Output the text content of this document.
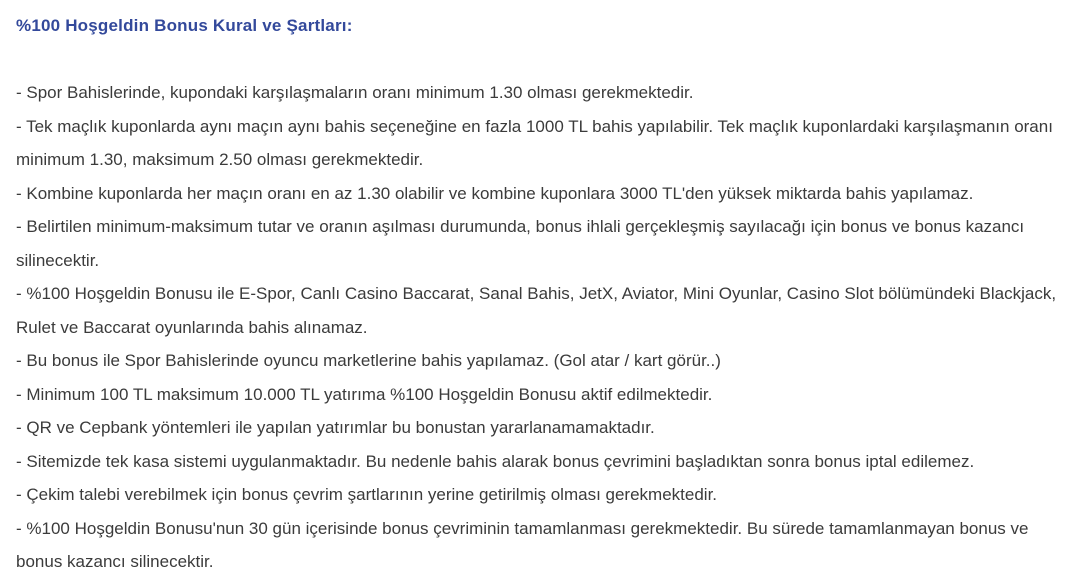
%100 Hoşgeldin Bonus Kural ve Şartları:

- Spor Bahislerinde, kupondaki karşılaşmaların oranı minimum 1.30 olması gerekmektedir.

- Tek maçlık kuponlarda aynı maçın aynı bahis seçeneğine en fazla 1000 TL bahis yapılabilir. Tek maçlık kuponlardaki karşılaşmanın oranı minimum 1.30, maksimum 2.50 olması gerekmektedir.

- Kombine kuponlarda her maçın oranı en az 1.30 olabilir ve kombine kuponlara 3000 TL'den yüksek miktarda bahis yapılamaz.

- Belirtilen minimum-maksimum tutar ve oranın aşılması durumunda, bonus ihlali gerçekleşmiş sayılacağı için bonus ve bonus kazancı silinecektir.

- %100 Hoşgeldin Bonusu ile E-Spor, Canlı Casino Baccarat, Sanal Bahis, JetX, Aviator, Mini Oyunlar, Casino Slot bölümündeki Blackjack, Rulet ve Baccarat oyunlarında bahis alınamaz.

- Bu bonus ile Spor Bahislerinde oyuncu marketlerine bahis yapılamaz. (Gol atar / kart görür..)

- Minimum 100 TL maksimum 10.000 TL yatırıma %100 Hoşgeldin Bonusu aktif edilmektedir.

- QR ve Cepbank yöntemleri ile yapılan yatırımlar bu bonustan yararlanamamaktadır.

- Sitemizde tek kasa sistemi uygulanmaktadır. Bu nedenle bahis alarak bonus çevrimini başladıktan sonra bonus iptal edilemez.

- Çekim talebi verebilmek için bonus çevrim şartlarının yerine getirilmiş olması gerekmektedir.

- %100 Hoşgeldin Bonusu'nun 30 gün içerisinde bonus çevriminin tamamlanması gerekmektedir. Bu sürede tamamlanmayan bonus ve bonus kazancı silinecektir.
